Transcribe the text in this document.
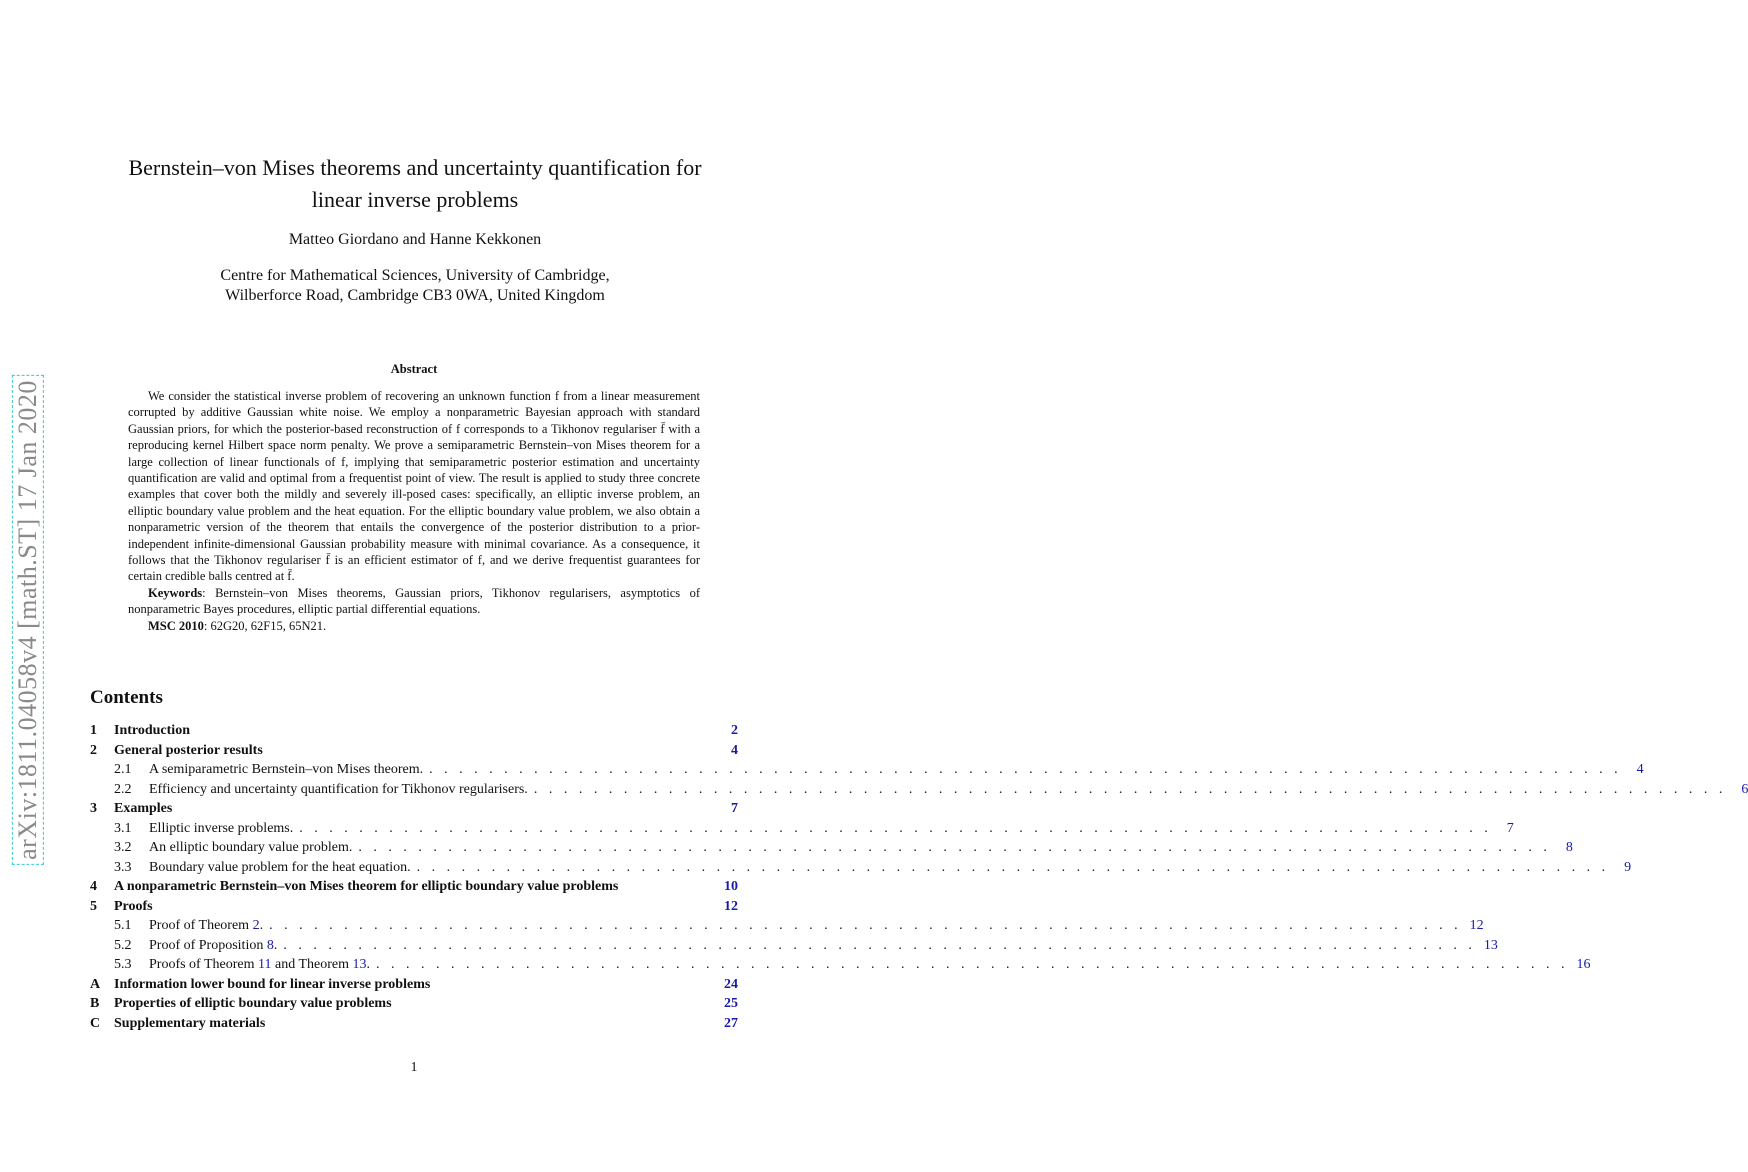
arXiv:1811.04058v4 [math.ST] 17 Jan 2020
Bernstein–von Mises theorems and uncertainty quantification for
linear inverse problems
Matteo Giordano and Hanne Kekkonen
Centre for Mathematical Sciences, University of Cambridge,
Wilberforce Road, Cambridge CB3 0WA, United Kingdom
Abstract

We consider the statistical inverse problem of recovering an unknown function f from a linear measurement corrupted by additive Gaussian white noise. We employ a nonparametric Bayesian approach with standard Gaussian priors, for which the posterior-based reconstruction of f corresponds to a Tikhonov regulariser f̄ with a reproducing kernel Hilbert space norm penalty. We prove a semiparametric Bernstein–von Mises theorem for a large collection of linear functionals of f, implying that semiparametric posterior estimation and uncertainty quantification are valid and optimal from a frequentist point of view. The result is applied to study three concrete examples that cover both the mildly and severely ill-posed cases: specifically, an elliptic inverse problem, an elliptic boundary value problem and the heat equation. For the elliptic boundary value problem, we also obtain a nonparametric version of the theorem that entails the convergence of the posterior distribution to a prior-independent infinite-dimensional Gaussian probability measure with minimal covariance. As a consequence, it follows that the Tikhonov regulariser f̄ is an efficient estimator of f, and we derive frequentist guarantees for certain credible balls centred at f̄.

Keywords: Bernstein–von Mises theorems, Gaussian priors, Tikhonov regularisers, asymptotics of nonparametric Bayes procedures, elliptic partial differential equations.

MSC 2010: 62G20, 62F15, 65N21.

Contents
1	Introduction	2
2	General posterior results	4
2.1	A semiparametric Bernstein–von Mises theorem. . . . . . . . . . . . . . . . . . . . . . . . . . . . . . . . . . . . . . . . . . . . . . . . . . . . . . . . . . . . . . . . . . . . . . . . . . . . . . . . .	4
2.2	Efficiency and uncertainty quantification for Tikhonov regularisers. . . . . . . . . . . . . . . . . . . . . . . . . . . . . . . . . . . . . . . . . . . . . . . . . . . . . . . . . . . . . . . . . . . . . . . . . . . . . . . . .	6
3	Examples	7
3.1	Elliptic inverse problems. . . . . . . . . . . . . . . . . . . . . . . . . . . . . . . . . . . . . . . . . . . . . . . . . . . . . . . . . . . . . . . . . . . . . . . . . . . . . . . . .	7
3.2	An elliptic boundary value problem. . . . . . . . . . . . . . . . . . . . . . . . . . . . . . . . . . . . . . . . . . . . . . . . . . . . . . . . . . . . . . . . . . . . . . . . . . . . . . . . .	8
3.3	Boundary value problem for the heat equation. . . . . . . . . . . . . . . . . . . . . . . . . . . . . . . . . . . . . . . . . . . . . . . . . . . . . . . . . . . . . . . . . . . . . . . . . . . . . . . . .	9
4	A nonparametric Bernstein–von Mises theorem for elliptic boundary value problems	10
5	Proofs	12
5.1	Proof of Theorem 2. . . . . . . . . . . . . . . . . . . . . . . . . . . . . . . . . . . . . . . . . . . . . . . . . . . . . . . . . . . . . . . . . . . . . . . . . . . . . . . . . 12
5.2	Proof of Proposition 8. . . . . . . . . . . . . . . . . . . . . . . . . . . . . . . . . . . . . . . . . . . . . . . . . . . . . . . . . . . . . . . . . . . . . . . . . . . . . . . . . 13
5.3	Proofs of Theorem 11 and Theorem 13. . . . . . . . . . . . . . . . . . . . . . . . . . . . . . . . . . . . . . . . . . . . . . . . . . . . . . . . . . . . . . . . . . . . . . . . . . . . . . . . . 16
A Information lower bound for linear inverse problems	24
B	Properties of elliptic boundary value problems	25
C Supplementary materials	27
1
